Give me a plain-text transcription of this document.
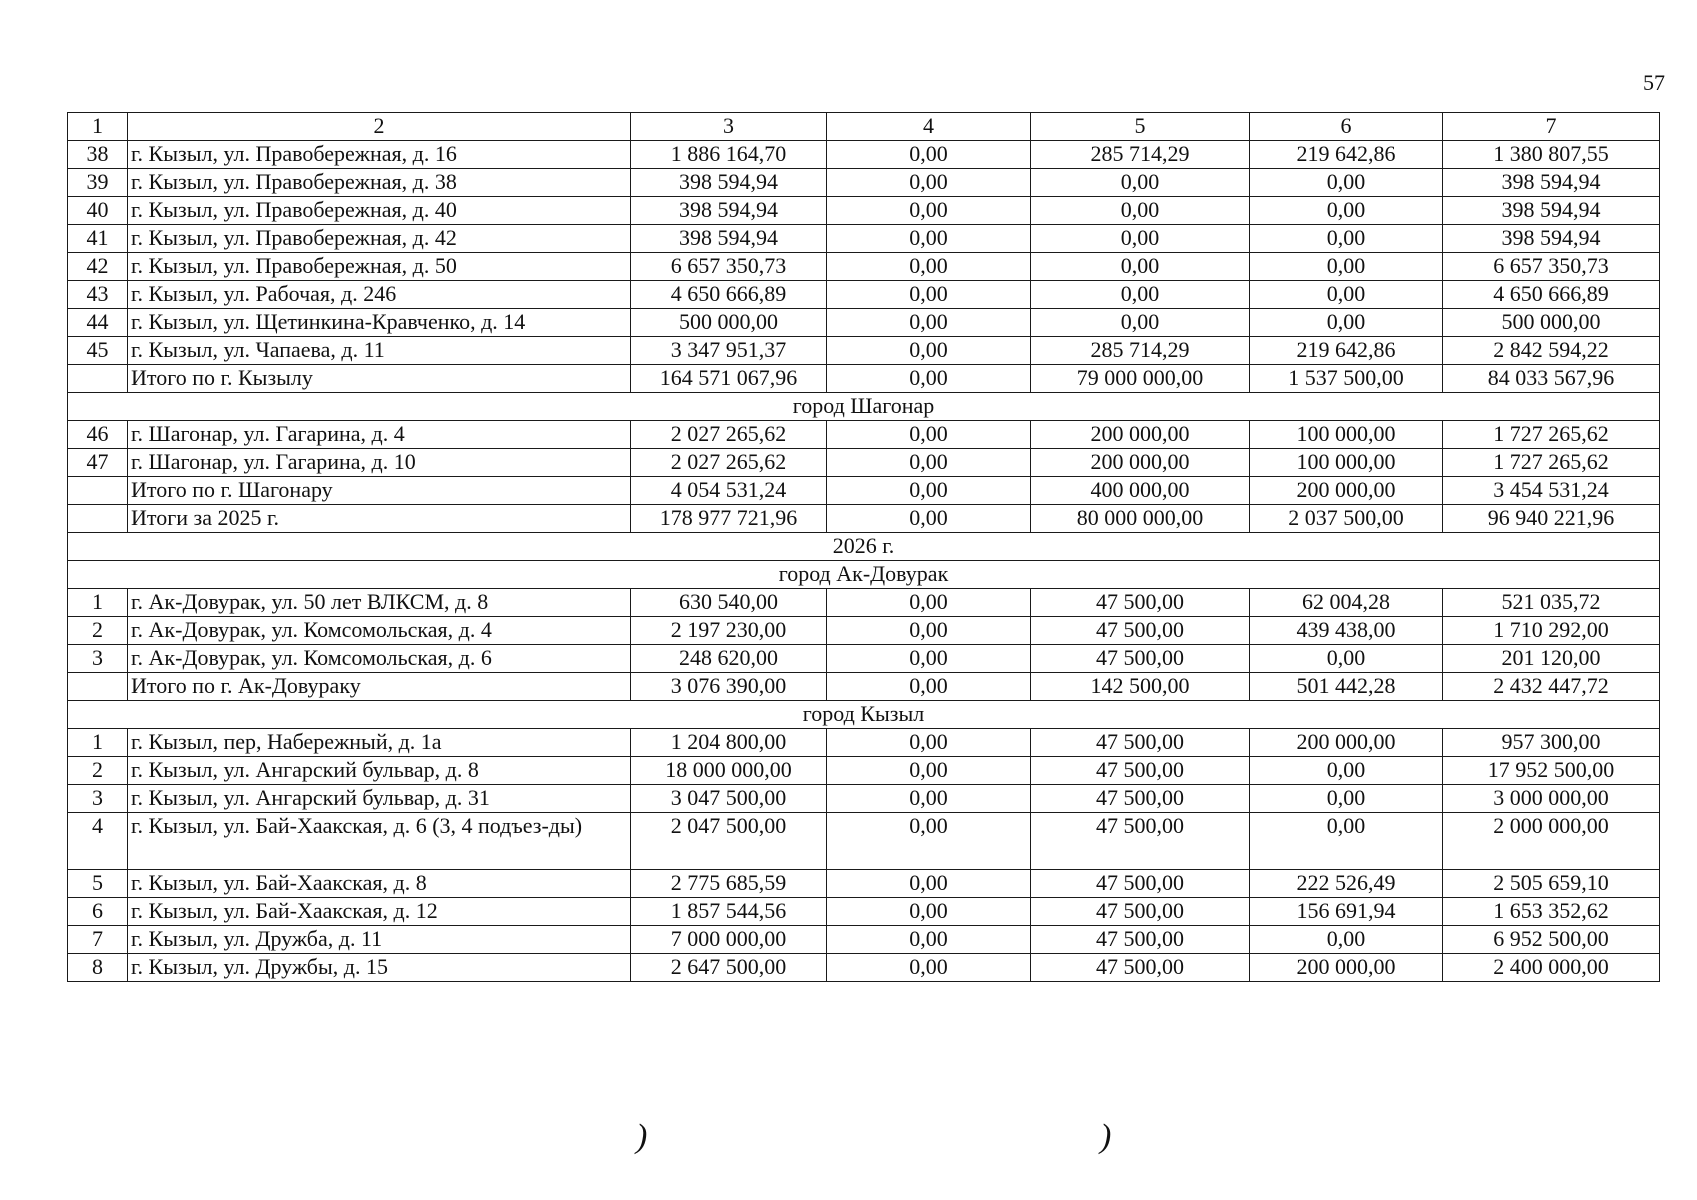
57
1	2	3	4	5	6	7
38	г. Кызыл, ул. Правобережная, д. 16	1 886 164,70	0,00	285 714,29	219 642,86	1 380 807,55
39	г. Кызыл, ул. Правобережная, д. 38	398 594,94	0,00	0,00	0,00	398 594,94
40	г. Кызыл, ул. Правобережная, д. 40	398 594,94	0,00	0,00	0,00	398 594,94
41	г. Кызыл, ул. Правобережная, д. 42	398 594,94	0,00	0,00	0,00	398 594,94
42	г. Кызыл, ул. Правобережная, д. 50	6 657 350,73	0,00	0,00	0,00	6 657 350,73
43	г. Кызыл, ул. Рабочая, д. 246	4 650 666,89	0,00	0,00	0,00	4 650 666,89
44	г. Кызыл, ул. Щетинкина-Кравченко, д. 14	500 000,00	0,00	0,00	0,00	500 000,00
45	г. Кызыл, ул. Чапаева, д. 11	3 347 951,37	0,00	285 714,29	219 642,86	2 842 594,22
	Итого по г. Кызылу	164 571 067,96	0,00	79 000 000,00	1 537 500,00	84 033 567,96
город Шагонар						
46	г. Шагонар, ул. Гагарина, д. 4	2 027 265,62	0,00	200 000,00	100 000,00	1 727 265,62
47	г. Шагонар, ул. Гагарина, д. 10	2 027 265,62	0,00	200 000,00	100 000,00	1 727 265,62
	Итого по г. Шагонару	4 054 531,24	0,00	400 000,00	200 000,00	3 454 531,24
	Итоги за 2025 г.	178 977 721,96	0,00	80 000 000,00	2 037 500,00	96 940 221,96
2026 г.						
город Ак-Довурак						
1	г. Ак-Довурак, ул. 50 лет ВЛКСМ, д. 8	630 540,00	0,00	47 500,00	62 004,28	521 035,72
2	г. Ак-Довурак, ул. Комсомольская, д. 4	2 197 230,00	0,00	47 500,00	439 438,00	1 710 292,00
3	г. Ак-Довурак, ул. Комсомольская, д. 6	248 620,00	0,00	47 500,00	0,00	201 120,00
	Итого по г. Ак-Довураку	3 076 390,00	0,00	142 500,00	501 442,28	2 432 447,72
город Кызыл						
1	г. Кызыл, пер, Набережный, д. 1а	1 204 800,00	0,00	47 500,00	200 000,00	957 300,00
2	г. Кызыл, ул. Ангарский бульвар, д. 8	18 000 000,00	0,00	47 500,00	0,00	17 952 500,00
3	г. Кызыл, ул. Ангарский бульвар, д. 31	3 047 500,00	0,00	47 500,00	0,00	3 000 000,00
4	г. Кызыл, ул. Бай-Хаакская, д. 6 (3, 4 подъез-ды)	2 047 500,00	0,00	47 500,00	0,00	2 000 000,00
5	г. Кызыл, ул. Бай-Хаакская, д. 8	2 775 685,59	0,00	47 500,00	222 526,49	2 505 659,10
6	г. Кызыл, ул. Бай-Хаакская, д. 12	1 857 544,56	0,00	47 500,00	156 691,94	1 653 352,62
7	г. Кызыл, ул. Дружба, д. 11	7 000 000,00	0,00	47 500,00	0,00	6 952 500,00
8	г. Кызыл, ул. Дружбы, д. 15	2 647 500,00	0,00	47 500,00	200 000,00	2 400 000,00
)	)
